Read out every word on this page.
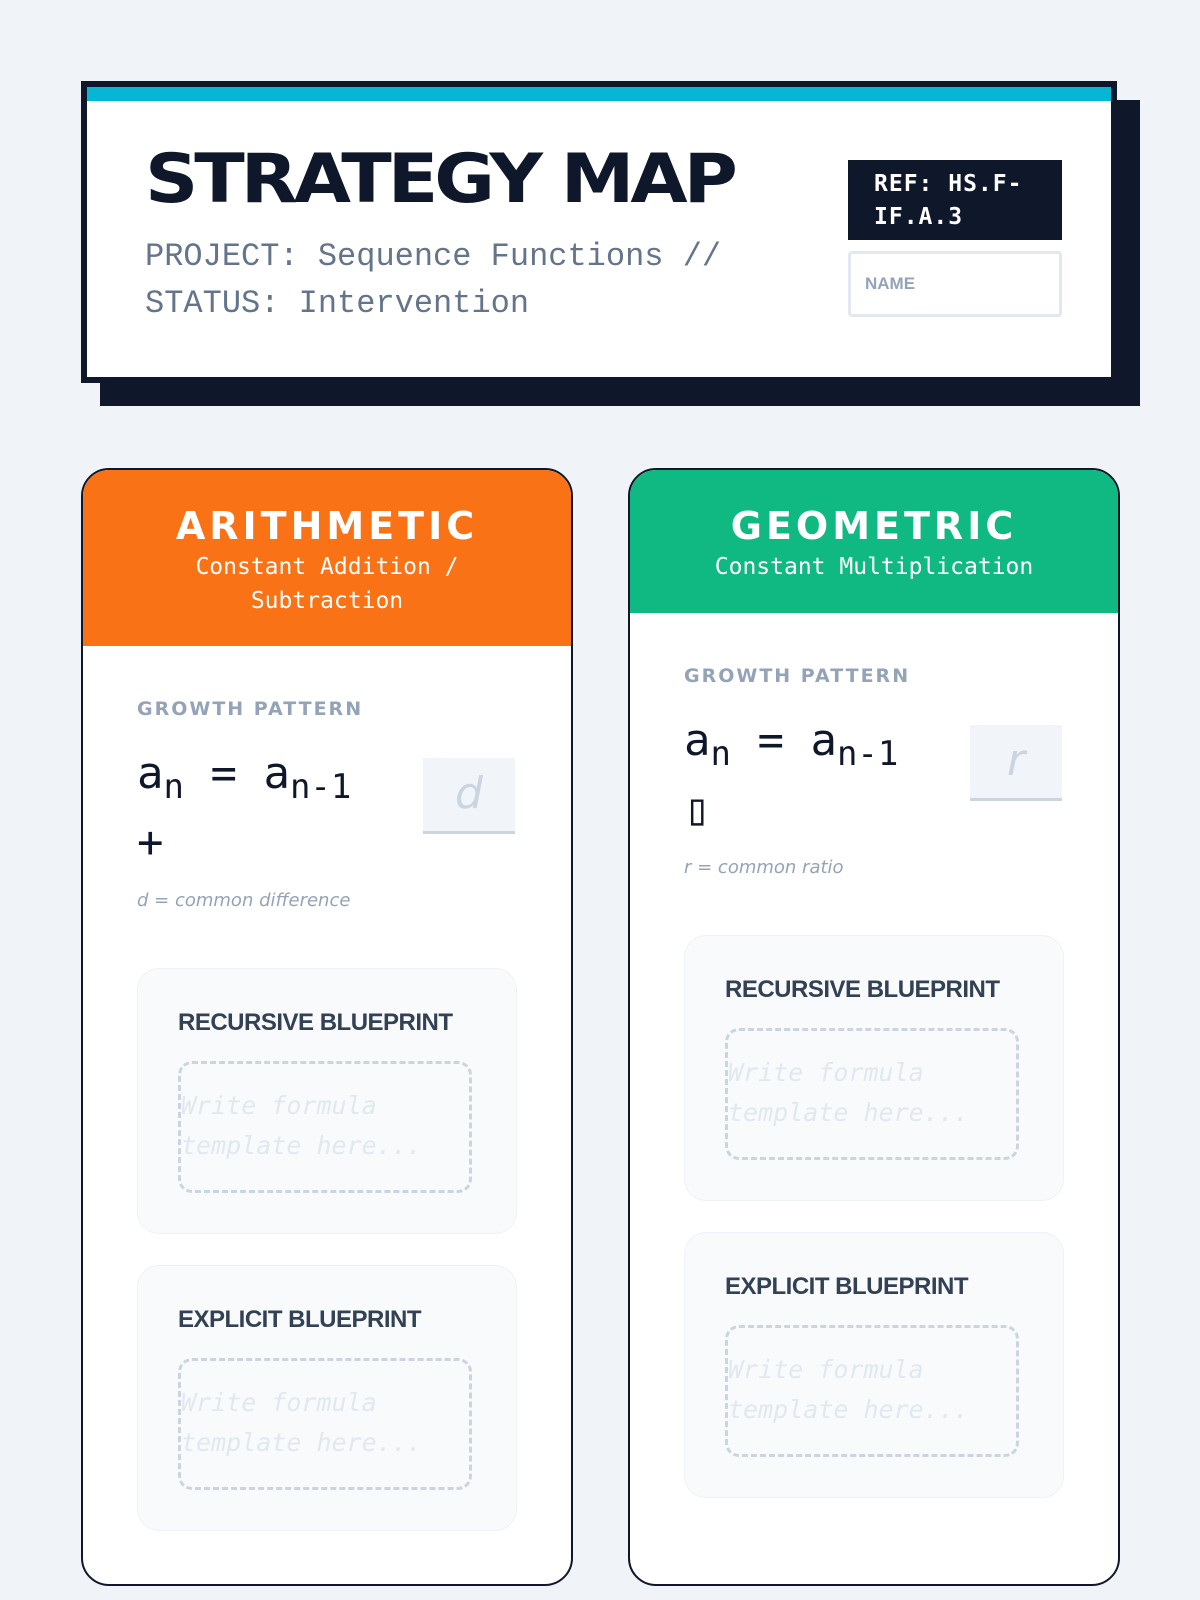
STRATEGY MAP
PROJECT: Sequence Functions // STATUS: Intervention
REF: HS.F-IF.A.3
NAME
ARITHMETIC
Constant Addition / Subtraction
GROWTH PATTERN
$a_n = a_{n-1}$ +
d
d = common difference
RECURSIVE BLUEPRINT
Write formula template here...
EXPLICIT BLUEPRINT
Write formula template here...
GEOMETRIC
Constant Multiplication
GROWTH PATTERN
$a_n = a_{n-1}$ ▯
r
r = common ratio
RECURSIVE BLUEPRINT
Write formula template here...
EXPLICIT BLUEPRINT
Write formula template here...
